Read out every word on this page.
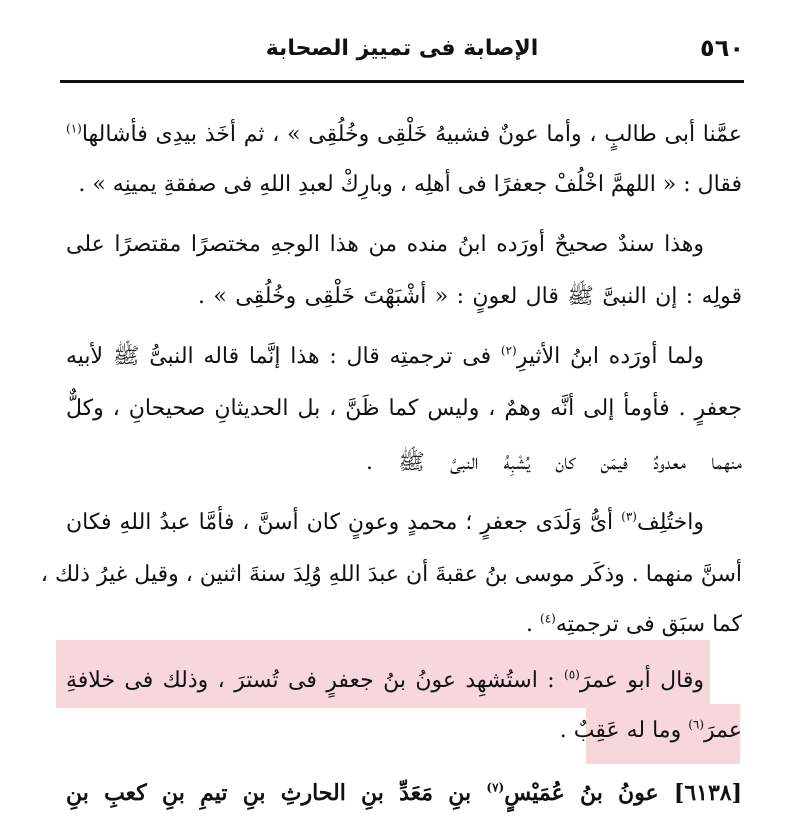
٥٦٠
الإصابة فى تمييز الصحابة
عمَّنا أبى طالبٍ ، وأما عونٌ فشبيهُ خَلْقِى وخُلُقِى » ، ثم أخَذ بيدِى فأشالها$^{(١)}$
فقال : « اللهمَّ اخْلُفْ جعفرًا فى أهلِه ، وبارِكْ لعبدِ اللهِ فى صفقةِ يمينِه » .
وهذا سندٌ صحيحٌ أورَده ابنُ منده من هذا الوجهِ مختصرًا مقتصرًا على
قولِه : إن النبىَّ ﷺ قال لعونٍ : « أشْبَهْتَ خَلْقِى وخُلُقِى » .
ولما أورَده ابنُ الأثيرِ$^{(٢)}$ فى ترجمتِه قال : هذا إنَّما قاله النبىُّ ﷺ لأبيه
جعفرٍ . فأومأ إلى أنَّه وهمٌ ، وليس كما ظَنَّ ، بل الحديثانِ صحيحانِ ، وكلٌّ
منهما معدودٌ فيمَن كان يُشْبِهُ النبىَّ ﷺ .
واختُلِف$^{(٣)}$ أىُّ وَلَدَى جعفرٍ ؛ محمدٍ وعونٍ كان أسنَّ ، فأمَّا عبدُ اللهِ فكان
أسنَّ منهما . وذكَر موسى بنُ عقبةَ أن عبدَ اللهِ وُلِدَ سنةَ اثنين ، وقيل غيرُ ذلك ،
كما سبَق فى ترجمتِه$^{(٤)}$ .
وقال أبو عمرَ$^{(٥)}$ : استُشهِد عونُ بنُ جعفرٍ فى تُسترَ ، وذلك فى خلافةِ
عمرَ$^{(٦)}$ وما له عَقِبٌ .
[٦١٣٨] عونُ بنُ عُمَيْسٍ$^{(٧)}$ بنِ مَعَدِّ بنِ الحارثِ بنِ تيمِ بنِ كعبِ بنِ
